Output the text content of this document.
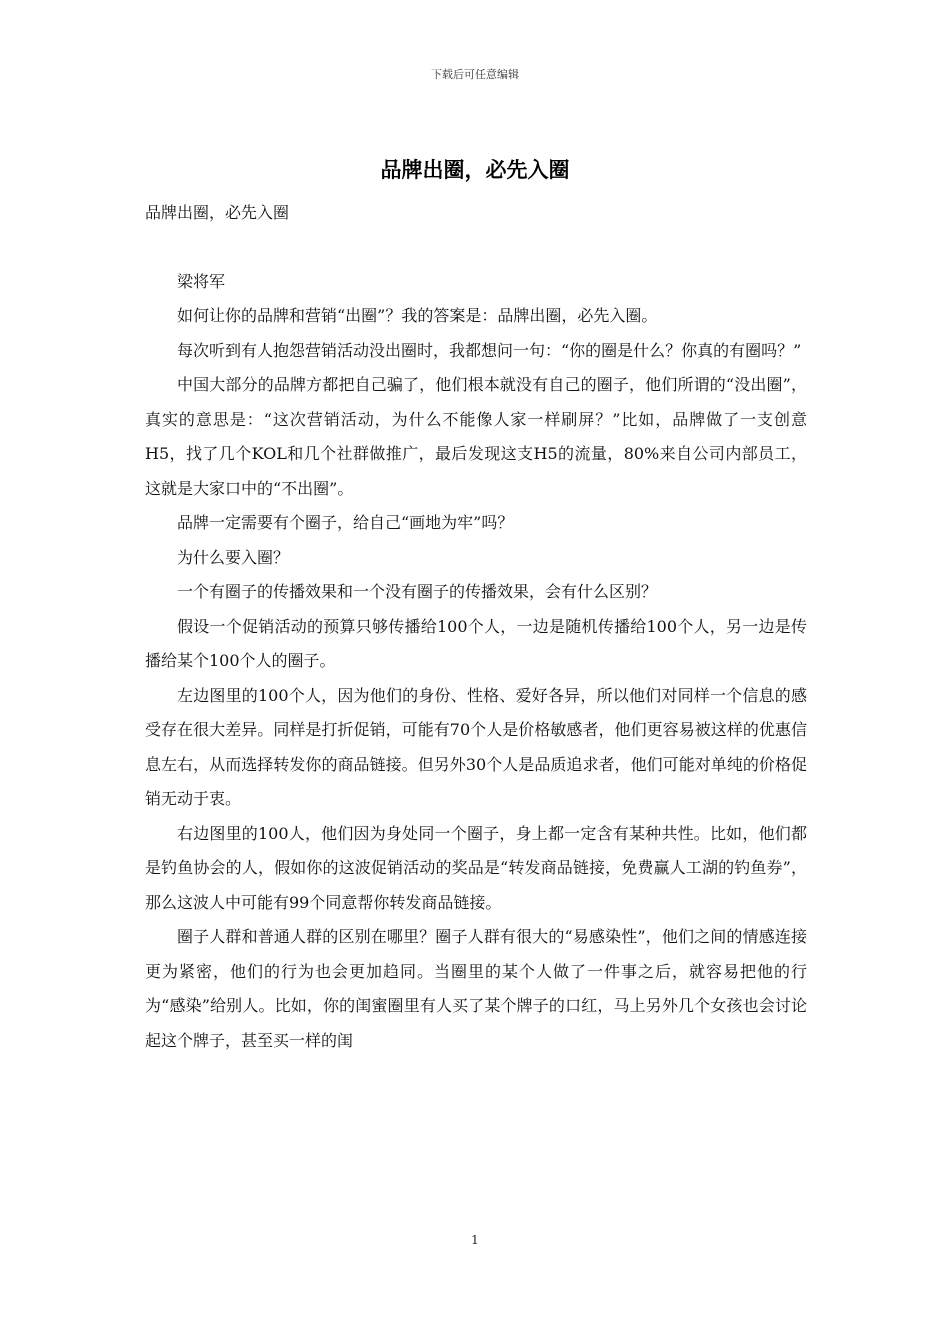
下载后可任意编辑
品牌出圈，必先入圈

品牌出圈，必先入圈

梁将军

如何让你的品牌和营销“出圈”？我的答案是：品牌出圈，必先入圈。

每次听到有人抱怨营销活动没出圈时，我都想问一句：“你的圈是什么？你真的有圈吗？”

中国大部分的品牌方都把自己骗了，他们根本就没有自己的圈子，他们所谓的“没出圈”，真实的意思是：“这次营销活动，为什么不能像人家一样刷屏？”比如，品牌做了一支创意H5，找了几个KOL和几个社群做推广，最后发现这支H5的流量，80%来自公司内部员工，这就是大家口中的“不出圈”。

品牌一定需要有个圈子，给自己“画地为牢”吗？

为什么要入圈？

一个有圈子的传播效果和一个没有圈子的传播效果，会有什么区别？

假设一个促销活动的预算只够传播给100个人，一边是随机传播给100个人，另一边是传播给某个100个人的圈子。

左边图里的100个人，因为他们的身份、性格、爱好各异，所以他们对同样一个信息的感受存在很大差异。同样是打折促销，可能有70个人是价格敏感者，他们更容易被这样的优惠信息左右，从而选择转发你的商品链接。但另外30个人是品质追求者，他们可能对单纯的价格促销无动于衷。

右边图里的100人，他们因为身处同一个圈子，身上都一定含有某种共性。比如，他们都是钓鱼协会的人，假如你的这波促销活动的奖品是“转发商品链接，免费赢人工湖的钓鱼券”，那么这波人中可能有99个同意帮你转发商品链接。

圈子人群和普通人群的区别在哪里？圈子人群有很大的“易感染性”，他们之间的情感连接更为紧密，他们的行为也会更加趋同。当圈里的某个人做了一件事之后，就容易把他的行为“感染”给别人。比如，你的闺蜜圈里有人买了某个牌子的口红，马上另外几个女孩也会讨论起这个牌子，甚至买一样的闺

1
